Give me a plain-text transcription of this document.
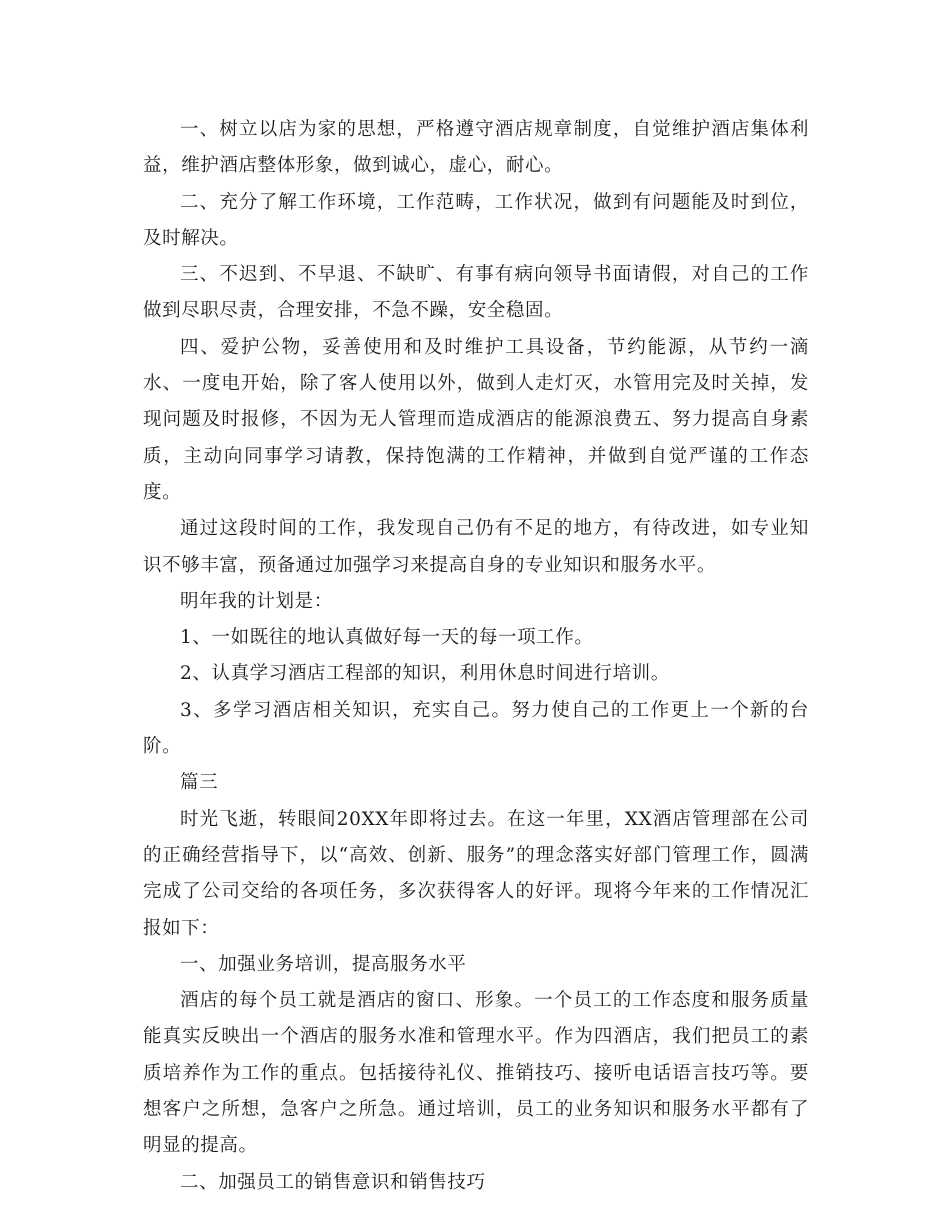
一、树立以店为家的思想，严格遵守酒店规章制度，自觉维护酒店集体利益，维护酒店整体形象，做到诚心，虚心，耐心。

二、充分了解工作环境，工作范畴，工作状况，做到有问题能及时到位，及时解决。

三、不迟到、不早退、不缺旷、有事有病向领导书面请假，对自己的工作做到尽职尽责，合理安排，不急不躁，安全稳固。

四、爱护公物，妥善使用和及时维护工具设备，节约能源，从节约一滴水、一度电开始，除了客人使用以外，做到人走灯灭，水管用完及时关掉，发现问题及时报修，不因为无人管理而造成酒店的能源浪费五、努力提高自身素质，主动向同事学习请教，保持饱满的工作精神，并做到自觉严谨的工作态度。

通过这段时间的工作，我发现自己仍有不足的地方，有待改进，如专业知识不够丰富，预备通过加强学习来提高自身的专业知识和服务水平。

明年我的计划是：

1、一如既往的地认真做好每一天的每一项工作。

2、认真学习酒店工程部的知识，利用休息时间进行培训。

3、多学习酒店相关知识，充实自己。努力使自己的工作更上一个新的台阶。

篇三

时光飞逝，转眼间20XX年即将过去。在这一年里，XX酒店管理部在公司的正确经营指导下，以“高效、创新、服务”的理念落实好部门管理工作，圆满完成了公司交给的各项任务，多次获得客人的好评。现将今年来的工作情况汇报如下：

一、加强业务培训，提高服务水平

酒店的每个员工就是酒店的窗口、形象。一个员工的工作态度和服务质量能真实反映出一个酒店的服务水准和管理水平。作为四酒店，我们把员工的素质培养作为工作的重点。包括接待礼仪、推销技巧、接听电话语言技巧等。要想客户之所想，急客户之所急。通过培训，员工的业务知识和服务水平都有了明显的提高。

二、加强员工的销售意识和销售技巧
